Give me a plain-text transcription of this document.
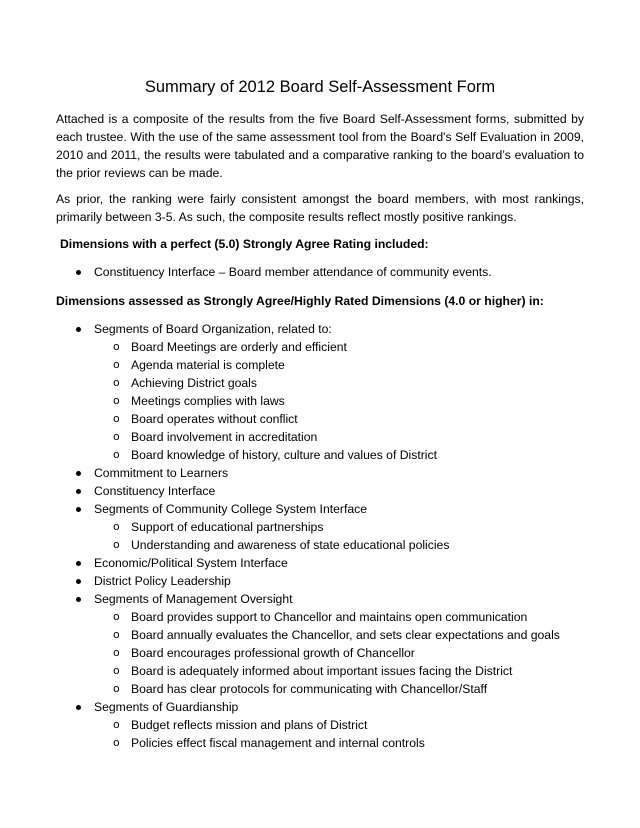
Summary of 2012 Board Self-Assessment Form

Attached is a composite of the results from the five Board Self-Assessment forms, submitted by each trustee. With the use of the same assessment tool from the Board's Self Evaluation in 2009, 2010 and 2011, the results were tabulated and a comparative ranking to the board’s evaluation to the prior reviews can be made.

As prior, the ranking were fairly consistent amongst the board members, with most rankings, primarily between 3-5. As such, the composite results reflect mostly positive rankings.

Dimensions with a perfect (5.0) Strongly Agree Rating included:

Constituency Interface – Board member attendance of community events.

Dimensions assessed as Strongly Agree/Highly Rated Dimensions (4.0 or higher) in:

Segments of Board Organization, related to:
o Board Meetings are orderly and efficient
o Agenda material is complete
o Achieving District goals
o Meetings complies with laws
o Board operates without conflict
o Board involvement in accreditation
o Board knowledge of history, culture and values of District
Commitment to Learners
Constituency Interface
Segments of Community College System Interface
o Support of educational partnerships
o Understanding and awareness of state educational policies
Economic/Political System Interface
District Policy Leadership
Segments of Management Oversight
o Board provides support to Chancellor and maintains open communication
o Board annually evaluates the Chancellor, and sets clear expectations and goals
o Board encourages professional growth of Chancellor
o Board is adequately informed about important issues facing the District
o Board has clear protocols for communicating with Chancellor/Staff
Segments of Guardianship
o Budget reflects mission and plans of District
o Policies effect fiscal management and internal controls
